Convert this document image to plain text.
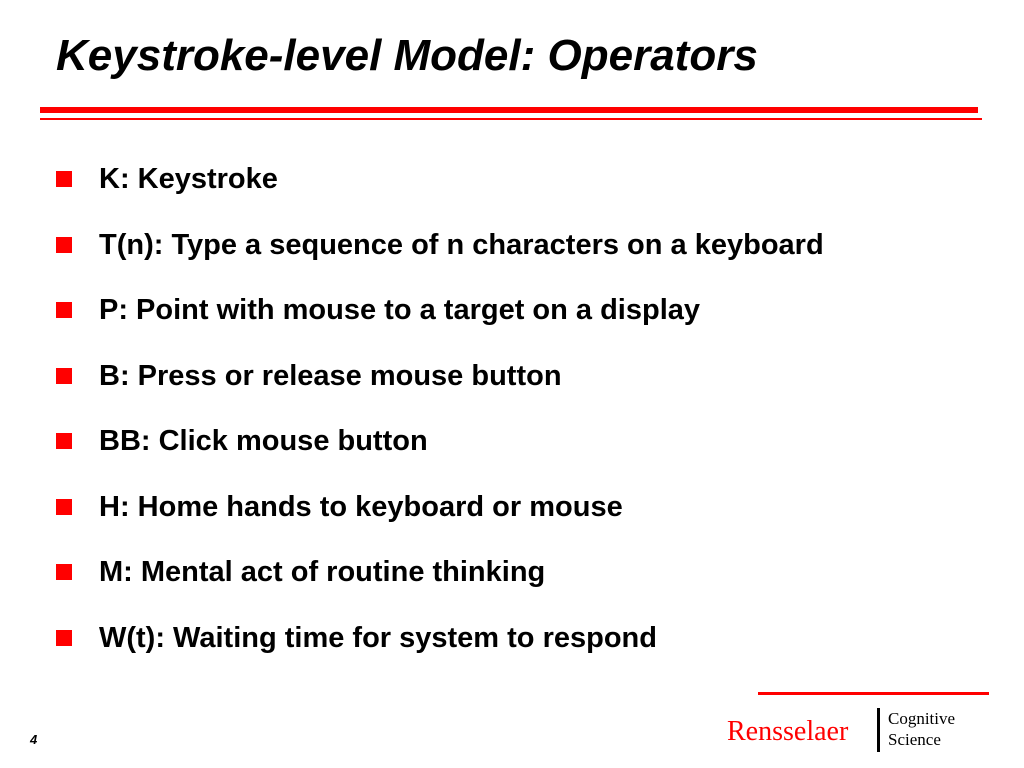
Keystroke-level Model: Operators
K: Keystroke
T(n): Type a sequence of n characters on a keyboard
P: Point with mouse to a target on a display
B: Press or release mouse button
BB: Click mouse button
H: Home hands to keyboard or mouse
M: Mental act of routine thinking
W(t): Waiting time for system to respond
4	Rensselaer Cognitive
Science
